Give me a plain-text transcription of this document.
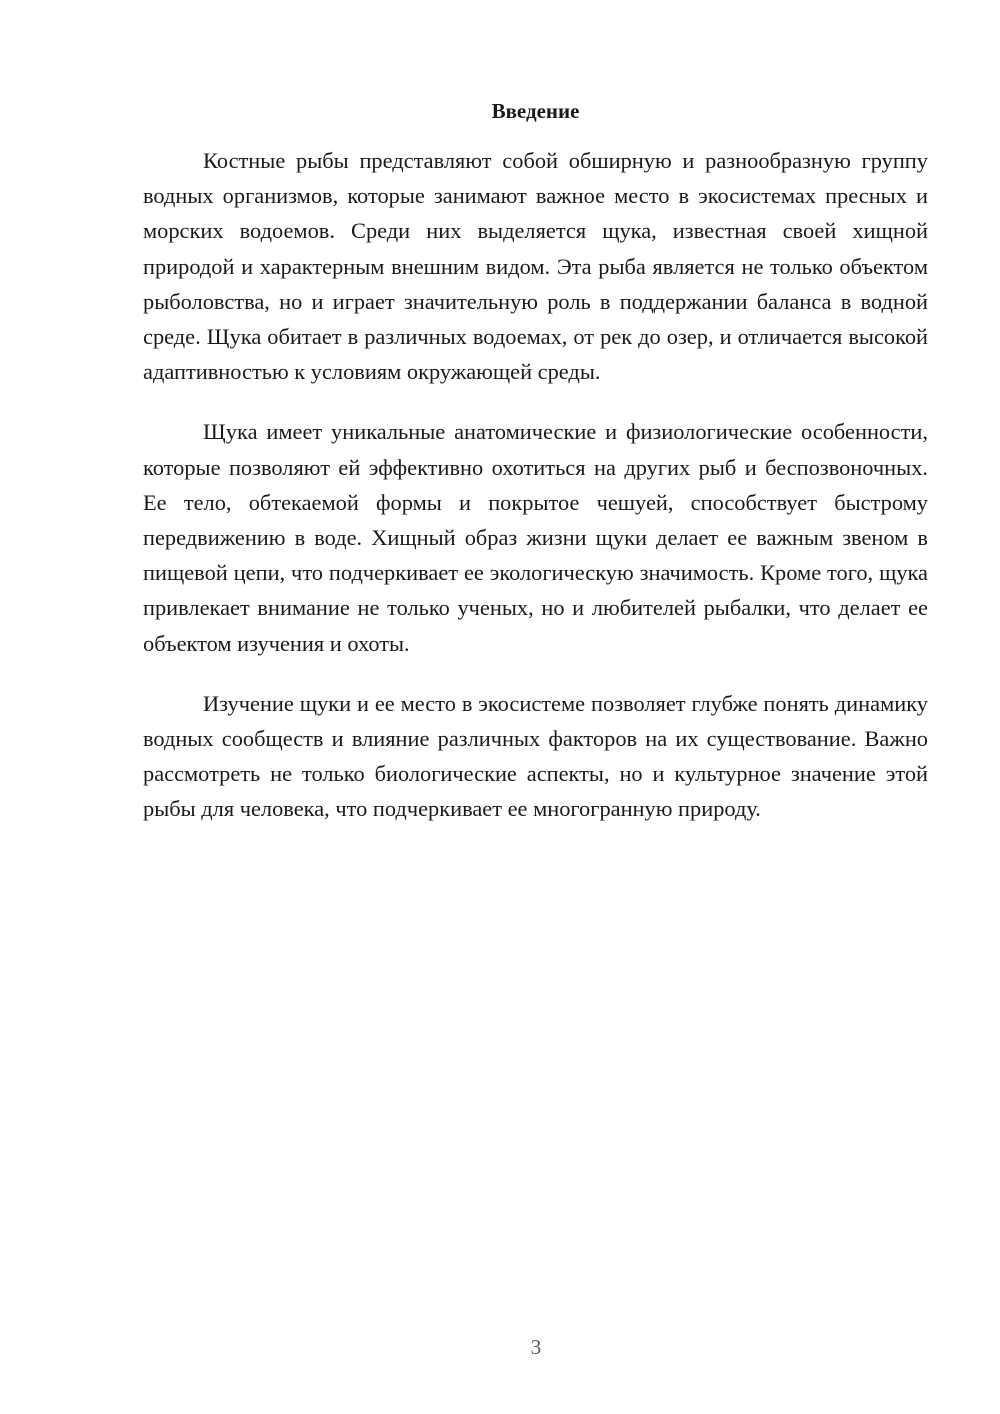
Введение

Костные рыбы представляют собой обширную и разнообразную группу водных организмов, которые занимают важное место в экосистемах пресных и морских водоемов. Среди них выделяется щука, известная своей хищной природой и характерным внешним видом. Эта рыба является не только объектом рыболовства, но и играет значительную роль в поддержании баланса в водной среде. Щука обитает в различных водоемах, от рек до озер, и отличается высокой адаптивностью к условиям окружающей среды.

Щука имеет уникальные анатомические и физиологические особенности, которые позволяют ей эффективно охотиться на других рыб и беспозвоночных. Ее тело, обтекаемой формы и покрытое чешуей, способствует быстрому передвижению в воде. Хищный образ жизни щуки делает ее важным звеном в пищевой цепи, что подчеркивает ее экологическую значимость. Кроме того, щука привлекает внимание не только ученых, но и любителей рыбалки, что делает ее объектом изучения и охоты.

Изучение щуки и ее место в экосистеме позволяет глубже понять динамику водных сообществ и влияние различных факторов на их существование. Важно рассмотреть не только биологические аспекты, но и культурное значение этой рыбы для человека, что подчеркивает ее многогранную природу.

3
